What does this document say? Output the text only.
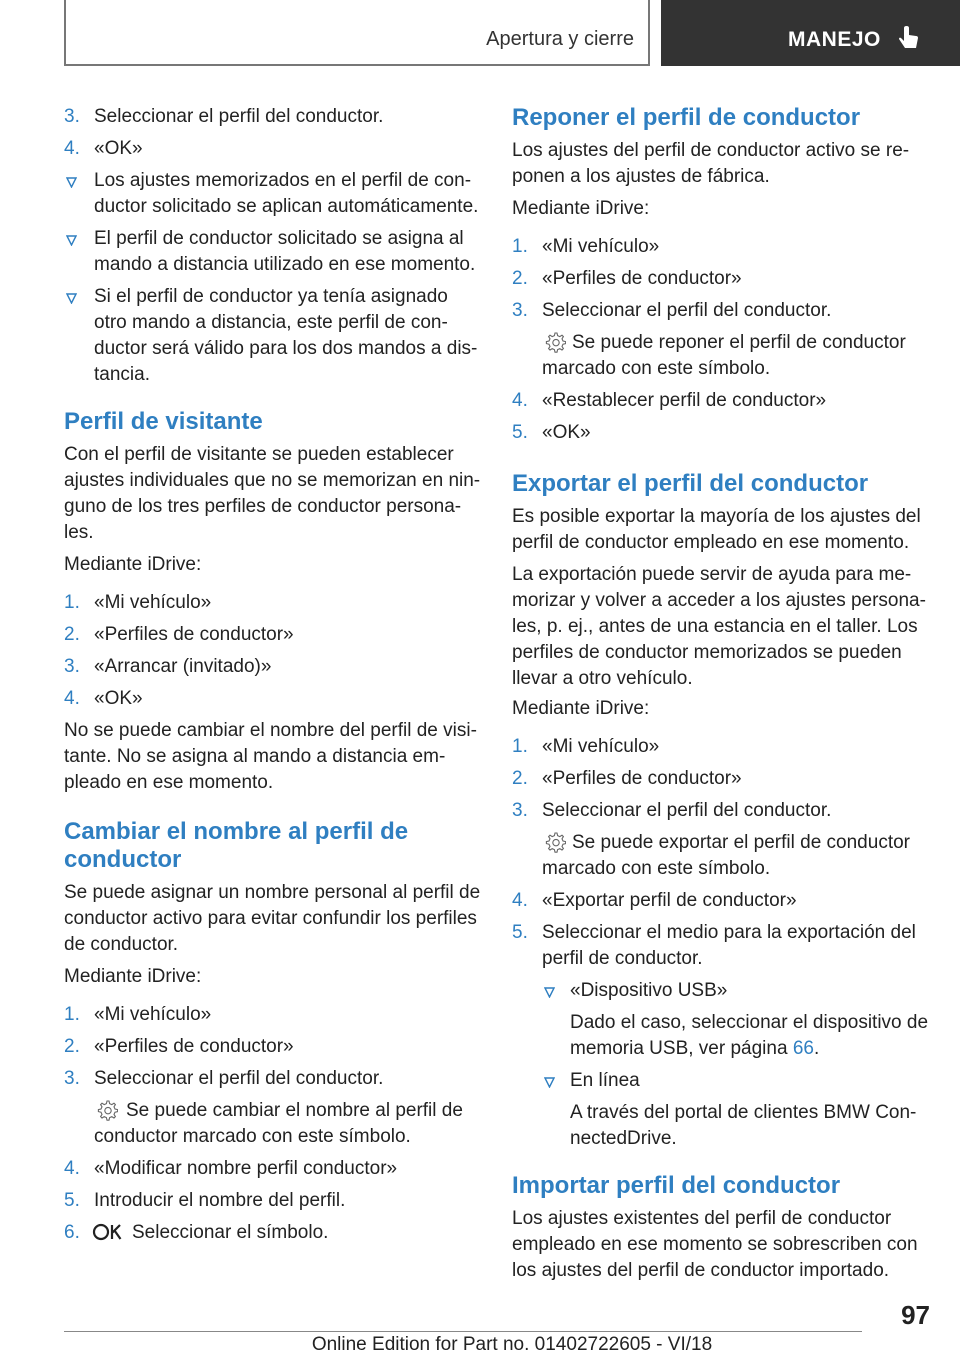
Apertura y cierre	MANEJO
3. Seleccionar el perfil del conductor.
4. «OK»
Los ajustes memorizados en el perfil de con‐
ductor solicitado se aplican automáticamente.
El perfil de conductor solicitado se asigna al
mando a distancia utilizado en ese momento.
Si el perfil de conductor ya tenía asignado
otro mando a distancia, este perfil de con‐
ductor será válido para los dos mandos a dis‐
tancia.
Perfil de visitante
Con el perfil de visitante se pueden establecer
ajustes individuales que no se memorizan en nin‐
guno de los tres perfiles de conductor persona‐
les.
Mediante iDrive:
1. «Mi vehículo»
2. «Perfiles de conductor»
3. «Arrancar (invitado)»
4. «OK»
No se puede cambiar el nombre del perfil de visi‐
tante. No se asigna al mando a distancia em‐
pleado en ese momento.
Cambiar el nombre al perfil de
conductor
Se puede asignar un nombre personal al perfil de
conductor activo para evitar confundir los perfiles
de conductor.
Mediante iDrive:
1. «Mi vehículo»
2. «Perfiles de conductor»
3. Seleccionar el perfil del conductor.
Se puede cambiar el nombre al perfil de
conductor marcado con este símbolo.
4. «Modificar nombre perfil conductor»
5. Introducir el nombre del perfil.
6.	Seleccionar el símbolo.
Reponer el perfil de conductor
Los ajustes del perfil de conductor activo se re‐
ponen a los ajustes de fábrica.
Mediante iDrive:
1. «Mi vehículo»
2. «Perfiles de conductor»
3. Seleccionar el perfil del conductor.
Se puede reponer el perfil de conductor
marcado con este símbolo.
4. «Restablecer perfil de conductor»
5. «OK»
Exportar el perfil del conductor
Es posible exportar la mayoría de los ajustes del
perfil de conductor empleado en ese momento.
La exportación puede servir de ayuda para me‐
morizar y volver a acceder a los ajustes persona‐
les, p. ej., antes de una estancia en el taller. Los
perfiles de conductor memorizados se pueden
llevar a otro vehículo.
Mediante iDrive:
1. «Mi vehículo»
2. «Perfiles de conductor»
3. Seleccionar el perfil del conductor.
Se puede exportar el perfil de conductor
marcado con este símbolo.
4. «Exportar perfil de conductor»
5. Seleccionar el medio para la exportación del
perfil de conductor.
«Dispositivo USB»
Dado el caso, seleccionar el dispositivo de
memoria USB, ver página 66.
En línea
A través del portal de clientes BMW Con‐
nectedDrive.
Importar perfil del conductor
Los ajustes existentes del perfil de conductor
empleado en ese momento se sobrescriben con
los ajustes del perfil de conductor importado.
97
Online Edition for Part no. 01402722605 - VI/18
